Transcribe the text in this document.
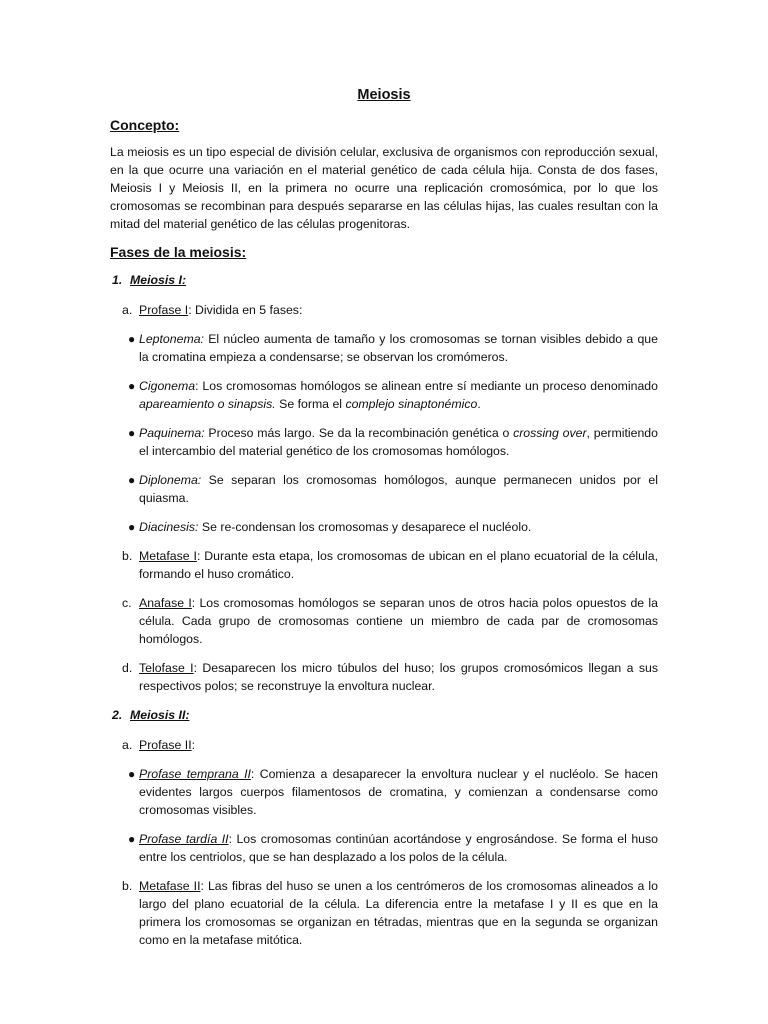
Meiosis
Concepto:
La meiosis es un tipo especial de división celular, exclusiva de organismos con reproducción sexual, en la que ocurre una variación en el material genético de cada célula hija. Consta de dos fases, Meiosis I y Meiosis II, en la primera no ocurre una replicación cromosómica, por lo que los cromosomas se recombinan para después separarse en las células hijas, las cuales resultan con la mitad del material genético de las células progenitoras.
Fases de la meiosis:
1. Meiosis I:
a. Profase I: Dividida en 5 fases:
● Leptonema: El núcleo aumenta de tamaño y los cromosomas se tornan visibles debido a que la cromatina empieza a condensarse; se observan los cromómeros.
● Cigonema: Los cromosomas homólogos se alinean entre sí mediante un proceso denominado apareamiento o sinapsis. Se forma el complejo sinaptonémico.
● Paquinema: Proceso más largo. Se da la recombinación genética o crossing over, permitiendo el intercambio del material genético de los cromosomas homólogos.
● Diplonema: Se separan los cromosomas homólogos, aunque permanecen unidos por el quiasma.
● Diacinesis: Se re-condensan los cromosomas y desaparece el nucléolo.
b. Metafase I: Durante esta etapa, los cromosomas de ubican en el plano ecuatorial de la célula, formando el huso cromático.
c. Anafase I: Los cromosomas homólogos se separan unos de otros hacia polos opuestos de la célula. Cada grupo de cromosomas contiene un miembro de cada par de cromosomas homólogos.
d. Telofase I: Desaparecen los micro túbulos del huso; los grupos cromosómicos llegan a sus respectivos polos; se reconstruye la envoltura nuclear.
2. Meiosis II:
a. Profase II:
● Profase temprana II: Comienza a desaparecer la envoltura nuclear y el nucléolo. Se hacen evidentes largos cuerpos filamentosos de cromatina, y comienzan a condensarse como cromosomas visibles.
● Profase tardía II: Los cromosomas continúan acortándose y engrosándose. Se forma el huso entre los centriolos, que se han desplazado a los polos de la célula.
b. Metafase II: Las fibras del huso se unen a los centrómeros de los cromosomas alineados a lo largo del plano ecuatorial de la célula. La diferencia entre la metafase I y II es que en la primera los cromosomas se organizan en tétradas, mientras que en la segunda se organizan como en la metafase mitótica.
